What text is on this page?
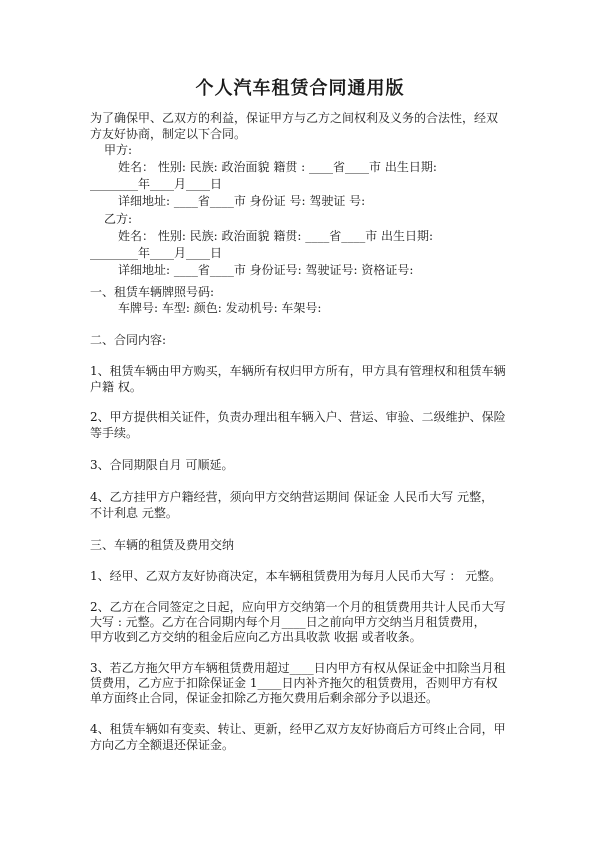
个人汽车租赁合同通用版
为了确保甲、乙双方的利益，保证甲方与乙方之间权利及义务的合法性，经双
方友好协商，制定以下合同。
甲方:
姓名： 性别: 民族: 政治面貌 籍贯 : ____省____市 出生日期:
________年____月____日
详细地址: ____省____市 身份证 号: 驾驶证 号:
乙方:
姓名： 性别: 民族: 政治面貌 籍贯: ____省____市 出生日期:
________年____月____日
详细地址: ____省____市 身份证号: 驾驶证号: 资格证号:
一、租赁车辆牌照号码:
车牌号: 车型: 颜色: 发动机号: 车架号:
二、合同内容:
1、租赁车辆由甲方购买，车辆所有权归甲方所有，甲方具有管理权和租赁车辆
户籍 权。
2、甲方提供相关证件，负责办理出租车辆入户、营运、审验、二级维护、保险
等手续。
3、合同期限自月 可顺延。
4、乙方挂甲方户籍经营，须向甲方交纳营运期间 保证金 人民币大写 元整，
不计利息 元整。
三、车辆的租赁及费用交纳
1、经甲、乙双方友好协商决定，本车辆租赁费用为每月人民币大写 ： 元整。
2、乙方在合同签定之日起，应向甲方交纳第一个月的租赁费用共计人民币大写
大写 : 元整。乙方在合同期内每个月____日之前向甲方交纳当月租赁费用，
甲方收到乙方交纳的租金后应向乙方出具收款 收据 或者收条。
3、若乙方拖欠甲方车辆租赁费用超过____日内甲方有权从保证金中扣除当月租
赁费用，乙方应于扣除保证金 1____日内补齐拖欠的租赁费用，否则甲方有权
单方面终止合同，保证金扣除乙方拖欠费用后剩余部分予以退还。
4、租赁车辆如有变卖、转让、更新，经甲乙双方友好协商后方可终止合同，甲
方向乙方全额退还保证金。
